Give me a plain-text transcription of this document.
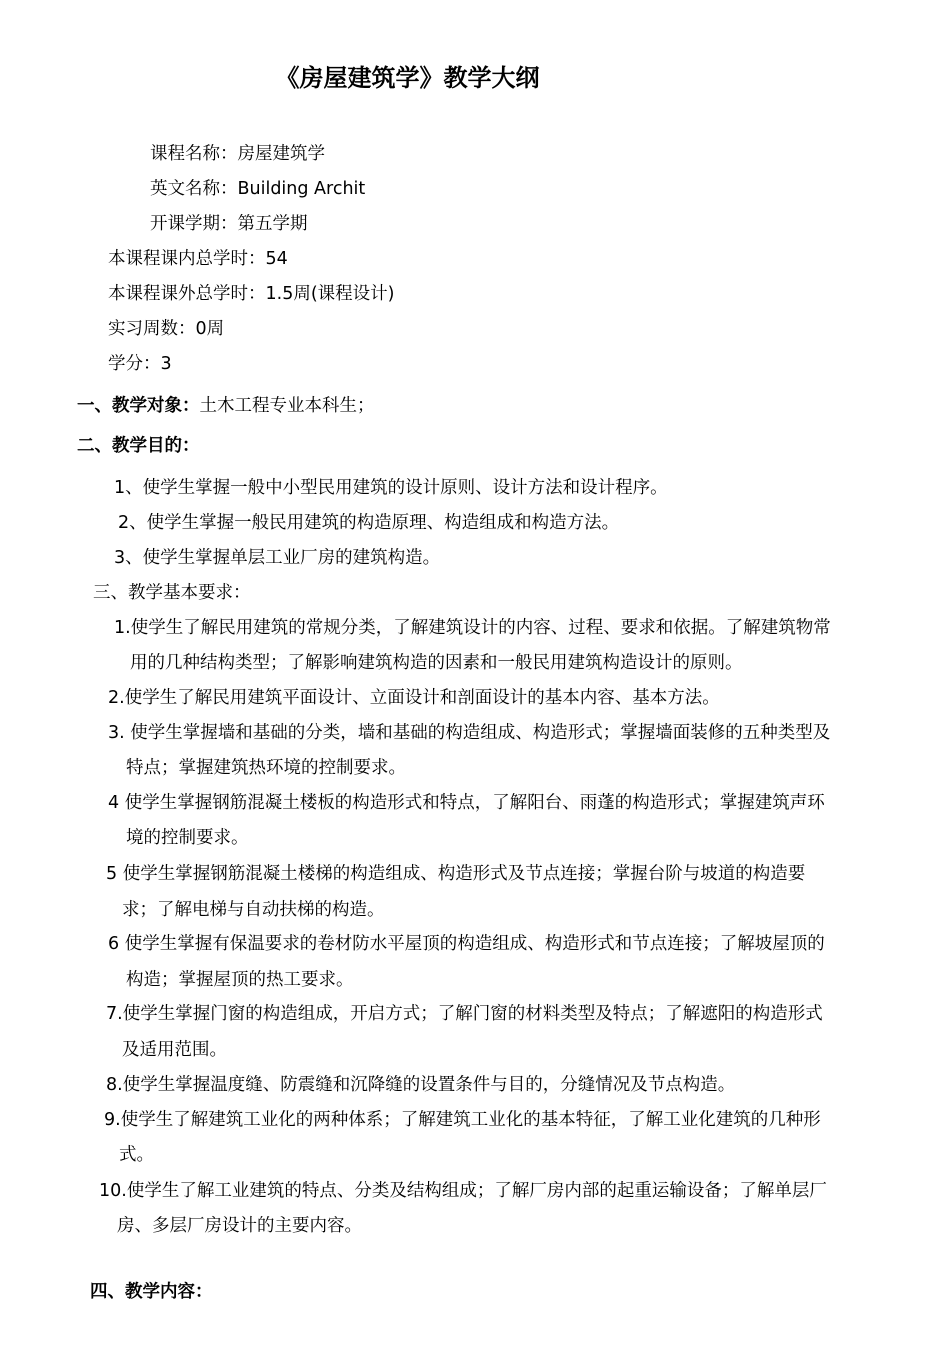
《房屋建筑学》教学大纲
课程名称：房屋建筑学
英文名称：Building Archit
开课学期：第五学期
本课程课内总学时：54
本课程课外总学时：1.5周(课程设计)
实习周数：0周
学分：3
一、教学对象：土木工程专业本科生；
二、教学目的：
1、使学生掌握一般中小型民用建筑的设计原则、设计方法和设计程序。
2、使学生掌握一般民用建筑的构造原理、构造组成和构造方法。
3、使学生掌握单层工业厂房的建筑构造。
三、教学基本要求：
1.使学生了解民用建筑的常规分类，了解建筑设计的内容、过程、要求和依据。了解建筑物常
用的几种结构类型；了解影响建筑构造的因素和一般民用建筑构造设计的原则。
2.使学生了解民用建筑平面设计、立面设计和剖面设计的基本内容、基本方法。
3. 使学生掌握墙和基础的分类，墙和基础的构造组成、构造形式；掌握墙面装修的五种类型及
特点；掌握建筑热环境的控制要求。
4 使学生掌握钢筋混凝土楼板的构造形式和特点，了解阳台、雨蓬的构造形式；掌握建筑声环
境的控制要求。
5 使学生掌握钢筋混凝土楼梯的构造组成、构造形式及节点连接；掌握台阶与坡道的构造要
求；了解电梯与自动扶梯的构造。
6 使学生掌握有保温要求的卷材防水平屋顶的构造组成、构造形式和节点连接；了解坡屋顶的
构造；掌握屋顶的热工要求。
7.使学生掌握门窗的构造组成，开启方式；了解门窗的材料类型及特点；了解遮阳的构造形式
及适用范围。
8.使学生掌握温度缝、防震缝和沉降缝的设置条件与目的，分缝情况及节点构造。
9.使学生了解建筑工业化的两种体系；了解建筑工业化的基本特征，了解工业化建筑的几种形
式。
10.使学生了解工业建筑的特点、分类及结构组成；了解厂房内部的起重运输设备；了解单层厂
房、多层厂房设计的主要内容。
四、教学内容：
